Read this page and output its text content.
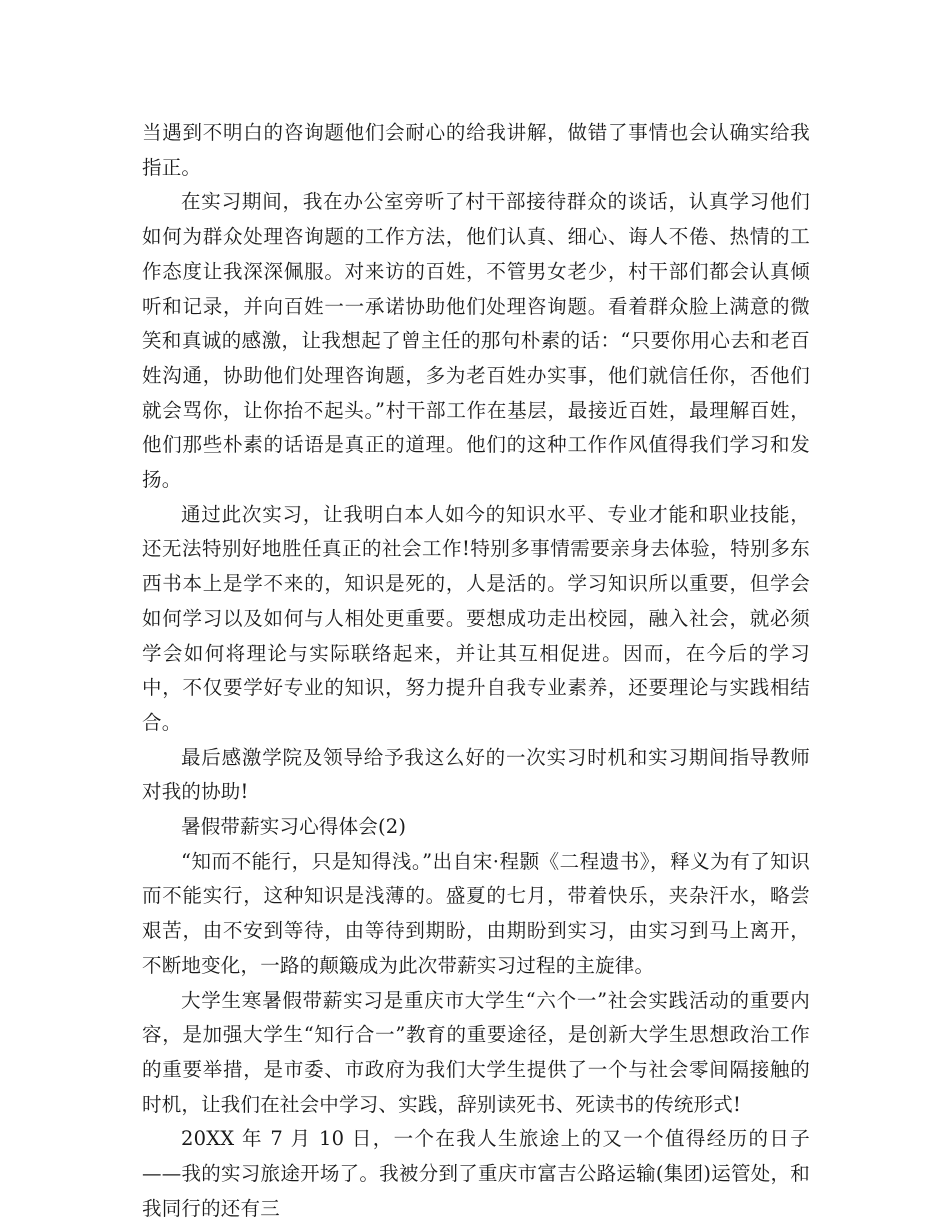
当遇到不明白的咨询题他们会耐心的给我讲解，做错了事情也会认确实给我指正。

在实习期间，我在办公室旁听了村干部接待群众的谈话，认真学习他们如何为群众处理咨询题的工作方法，他们认真、细心、诲人不倦、热情的工作态度让我深深佩服。对来访的百姓，不管男女老少，村干部们都会认真倾听和记录，并向百姓一一承诺协助他们处理咨询题。看着群众脸上满意的微笑和真诚的感激，让我想起了曾主任的那句朴素的话：“只要你用心去和老百姓沟通，协助他们处理咨询题，多为老百姓办实事，他们就信任你，否他们就会骂你，让你抬不起头。”村干部工作在基层，最接近百姓，最理解百姓，他们那些朴素的话语是真正的道理。他们的这种工作作风值得我们学习和发扬。

通过此次实习，让我明白本人如今的知识水平、专业才能和职业技能，还无法特别好地胜任真正的社会工作!特别多事情需要亲身去体验，特别多东西书本上是学不来的，知识是死的，人是活的。学习知识所以重要，但学会如何学习以及如何与人相处更重要。要想成功走出校园，融入社会，就必须学会如何将理论与实际联络起来，并让其互相促进。因而，在今后的学习中，不仅要学好专业的知识，努力提升自我专业素养，还要理论与实践相结合。

最后感激学院及领导给予我这么好的一次实习时机和实习期间指导教师对我的协助!

暑假带薪实习心得体会(2)

“知而不能行，只是知得浅。”出自宋·程颢《二程遗书》，释义为有了知识而不能实行，这种知识是浅薄的。盛夏的七月，带着快乐，夹杂汗水，略尝艰苦，由不安到等待，由等待到期盼，由期盼到实习，由实习到马上离开，不断地变化，一路的颠簸成为此次带薪实习过程的主旋律。

大学生寒暑假带薪实习是重庆市大学生“六个一”社会实践活动的重要内容，是加强大学生“知行合一”教育的重要途径，是创新大学生思想政治工作的重要举措，是市委、市政府为我们大学生提供了一个与社会零间隔接触的时机，让我们在社会中学习、实践，辞别读死书、死读书的传统形式!

20XX 年 7 月 10 日，一个在我人生旅途上的又一个值得经历的日子——我的实习旅途开场了。我被分到了重庆市富吉公路运输(集团)运管处，和我同行的还有三
